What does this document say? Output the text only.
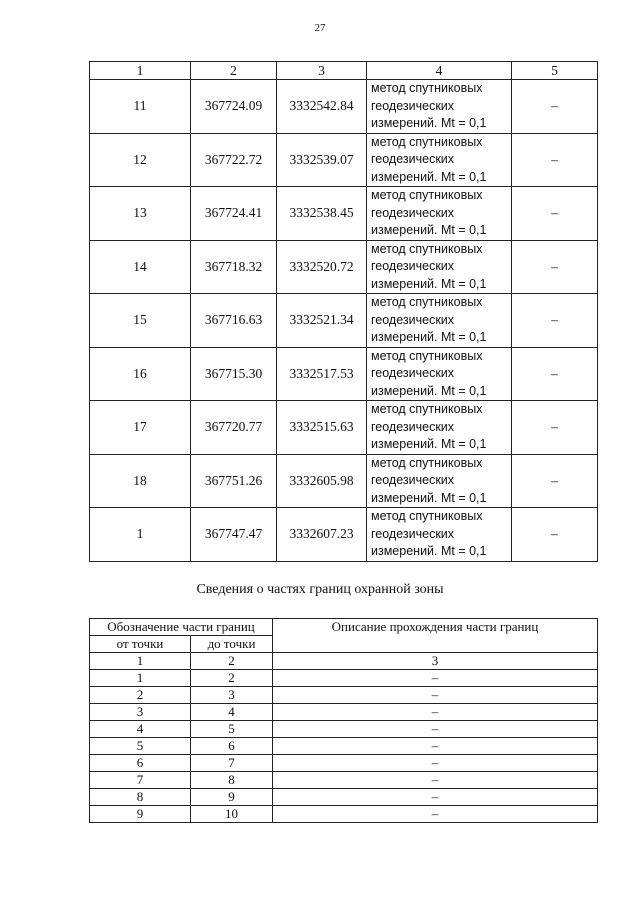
27
1	2	3	4	5
11	367724.09	3332542.84	метод спутниковых
геодезических
измерений. Mt = 0,1	–
12	367722.72	3332539.07	метод спутниковых
геодезических
измерений. Mt = 0,1	–
13	367724.41	3332538.45	метод спутниковых
геодезических
измерений. Mt = 0,1	–
14	367718.32	3332520.72	метод спутниковых
геодезических
измерений. Mt = 0,1	–
15	367716.63	3332521.34	метод спутниковых
геодезических
измерений. Mt = 0,1	–
16	367715.30	3332517.53	метод спутниковых
геодезических
измерений. Mt = 0,1	–
17	367720.77	3332515.63	метод спутниковых
геодезических
измерений. Mt = 0,1	–
18	367751.26	3332605.98	метод спутниковых
геодезических
измерений. Mt = 0,1	–
1	367747.47	3332607.23	метод спутниковых
геодезических
измерений. Mt = 0,1	–
Сведения о частях границ охранной зоны
Обозначение части границ		Описание прохождения части границ
от точки	до точки	
1	2	3
1	2	–
2	3	–
3	4	–
4	5	–
5	6	–
6	7	–
7	8	–
8	9	–
9	10	–
